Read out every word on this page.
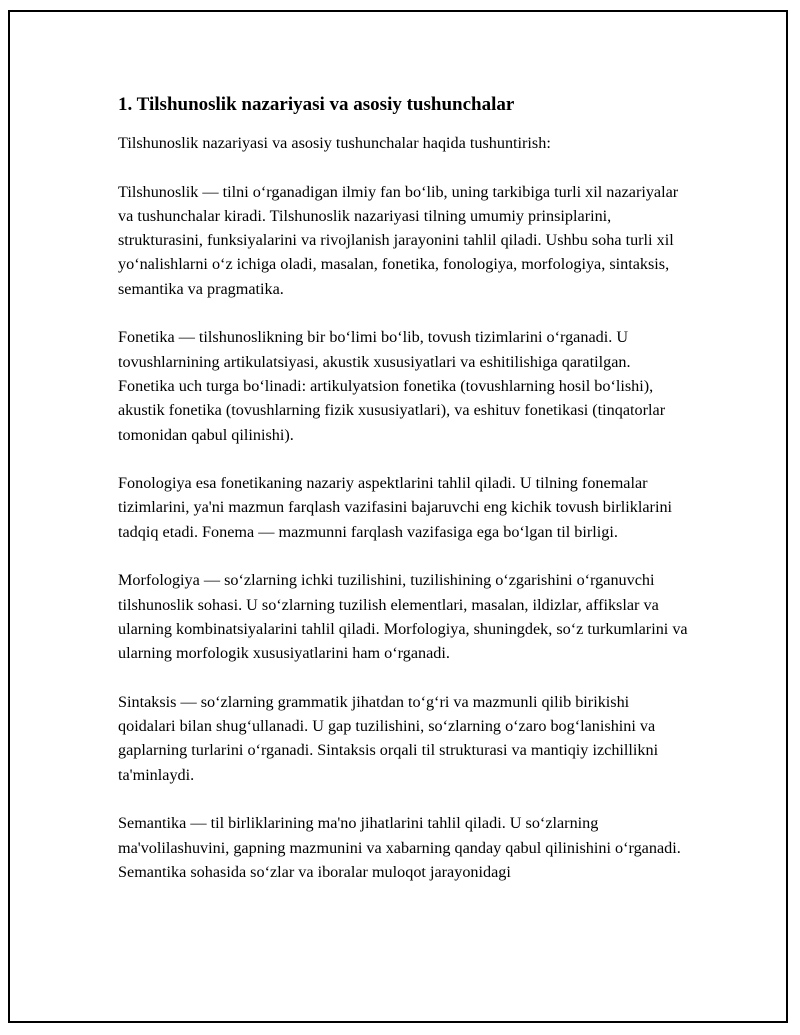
1. Tilshunoslik nazariyasi va asosiy tushunchalar

Tilshunoslik nazariyasi va asosiy tushunchalar haqida tushuntirish:

Tilshunoslik — tilni o‘rganadigan ilmiy fan bo‘lib, uning tarkibiga turli xil nazariyalar va tushunchalar kiradi. Tilshunoslik nazariyasi tilning umumiy prinsiplarini, strukturasini, funksiyalarini va rivojlanish jarayonini tahlil qiladi. Ushbu soha turli xil yo‘nalishlarni o‘z ichiga oladi, masalan, fonetika, fonologiya, morfologiya, sintaksis, semantika va pragmatika.

Fonetika — tilshunoslikning bir bo‘limi bo‘lib, tovush tizimlarini o‘rganadi. U tovushlarnining artikulatsiyasi, akustik xususiyatlari va eshitilishiga qaratilgan. Fonetika uch turga bo‘linadi: artikulyatsion fonetika (tovushlarning hosil bo‘lishi), akustik fonetika (tovushlarning fizik xususiyatlari), va eshituv fonetikasi (tinqatorlar tomonidan qabul qilinishi).

Fonologiya esa fonetikaning nazariy aspektlarini tahlil qiladi. U tilning fonemalar tizimlarini, ya'ni mazmun farqlash vazifasini bajaruvchi eng kichik tovush birliklarini tadqiq etadi. Fonema — mazmunni farqlash vazifasiga ega bo‘lgan til birligi.

Morfologiya — so‘zlarning ichki tuzilishini, tuzilishining o‘zgarishini o‘rganuvchi tilshunoslik sohasi. U so‘zlarning tuzilish elementlari, masalan, ildizlar, affikslar va ularning kombinatsiyalarini tahlil qiladi. Morfologiya, shuningdek, so‘z turkumlarini va ularning morfologik xususiyatlarini ham o‘rganadi.

Sintaksis — so‘zlarning grammatik jihatdan to‘g‘ri va mazmunli qilib birikishi qoidalari bilan shug‘ullanadi. U gap tuzilishini, so‘zlarning o‘zaro bog‘lanishini va gaplarning turlarini o‘rganadi. Sintaksis orqali til strukturasi va mantiqiy izchillikni ta'minlaydi.

Semantika — til birliklarining ma'no jihatlarini tahlil qiladi. U so‘zlarning ma'volilashuvini, gapning mazmunini va xabarning qanday qabul qilinishini o‘rganadi. Semantika sohasida so‘zlar va iboralar muloqot jarayonidagi
